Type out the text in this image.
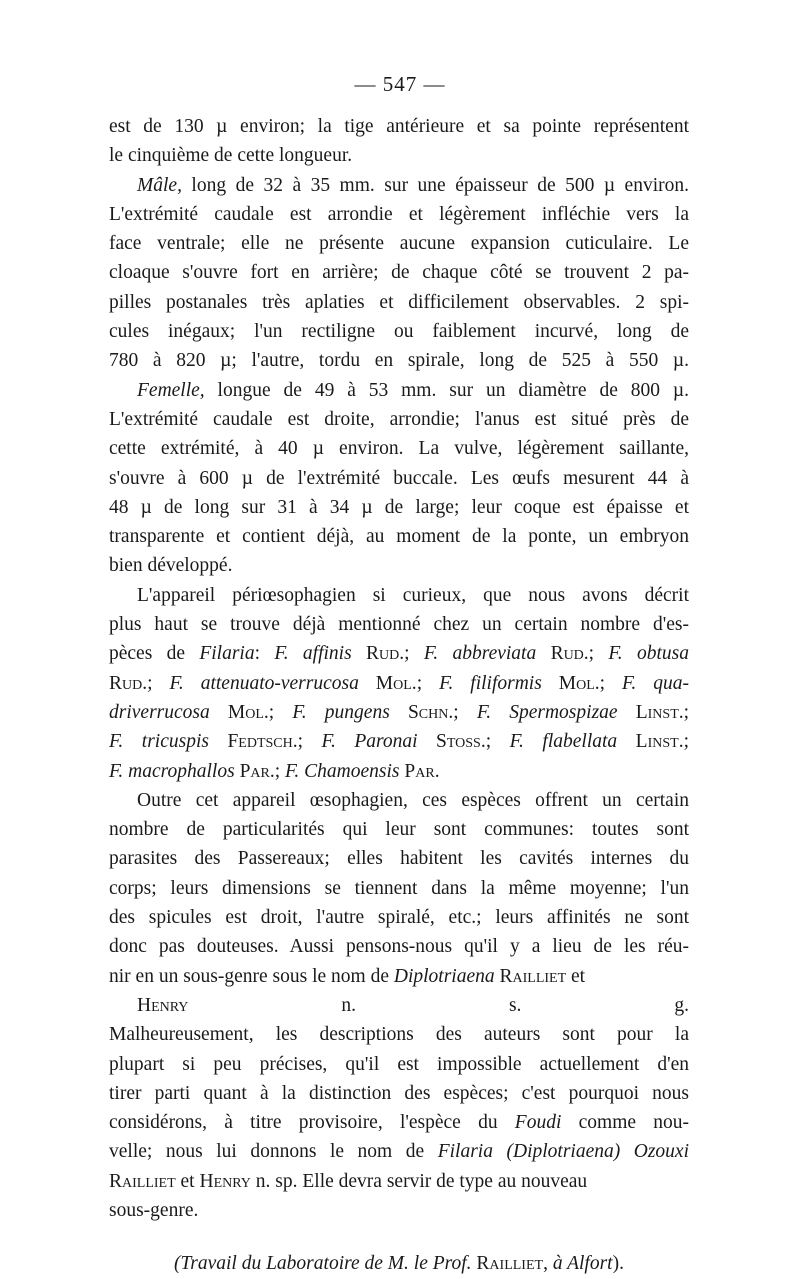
— 547 —
est de 130 µ environ; la tige antérieure et sa pointe représentent
le cinquième de cette longueur.
Mâle, long de 32 à 35 mm. sur une épaisseur de 500 µ environ.
L'extrémité caudale est arrondie et légèrement infléchie vers la
face ventrale; elle ne présente aucune expansion cuticulaire. Le
cloaque s'ouvre fort en arrière; de chaque côté se trouvent 2 pa-
pilles postanales très aplaties et difficilement observables. 2 spi-
cules inégaux; l'un rectiligne ou faiblement incurvé, long de
780 à 820 µ; l'autre, tordu en spirale, long de 525 à 550 µ.
Femelle, longue de 49 à 53 mm. sur un diamètre de 800 µ.
L'extrémité caudale est droite, arrondie; l'anus est situé près de
cette extrémité, à 40 µ environ. La vulve, légèrement saillante,
s'ouvre à 600 µ de l'extrémité buccale. Les œufs mesurent 44 à
48 µ de long sur 31 à 34 µ de large; leur coque est épaisse et
transparente et contient déjà, au moment de la ponte, un embryon
bien développé.
L'appareil périœsophagien si curieux, que nous avons décrit
plus haut se trouve déjà mentionné chez un certain nombre d'es-
pèces de Filaria: F. affinis Rud.; F. abbreviata Rud.; F. obtusa
Rud.; F. attenuato-verrucosa Mol.; F. filiformis Mol.; F. qua-
driverrucosa Mol.; F. pungens Schn.; F. Spermospizae Linst.;
F. tricuspis Fedtsch.; F. Paronai Stoss.; F. flabellata Linst.;
F. macrophallos Par.; F. Chamoensis Par.
Outre cet appareil œsophagien, ces espèces offrent un certain
nombre de particularités qui leur sont communes: toutes sont
parasites des Passereaux; elles habitent les cavités internes du
corps; leurs dimensions se tiennent dans la même moyenne; l'un
des spicules est droit, l'autre spiralé, etc.; leurs affinités ne sont
donc pas douteuses. Aussi pensons-nous qu'il y a lieu de les réu-
nir en un sous-genre sous le nom de Diplotriaena Railliet et
Henry n. s. g.
Malheureusement, les descriptions des auteurs sont pour la
plupart si peu précises, qu'il est impossible actuellement d'en
tirer parti quant à la distinction des espèces; c'est pourquoi nous
considérons, à titre provisoire, l'espèce du Foudi comme nou-
velle; nous lui donnons le nom de Filaria (Diplotriaena) Ozouxi
Railliet et Henry n. sp. Elle devra servir de type au nouveau
sous-genre.
(Travail du Laboratoire de M. le Prof. Railliet, à Alfort).
